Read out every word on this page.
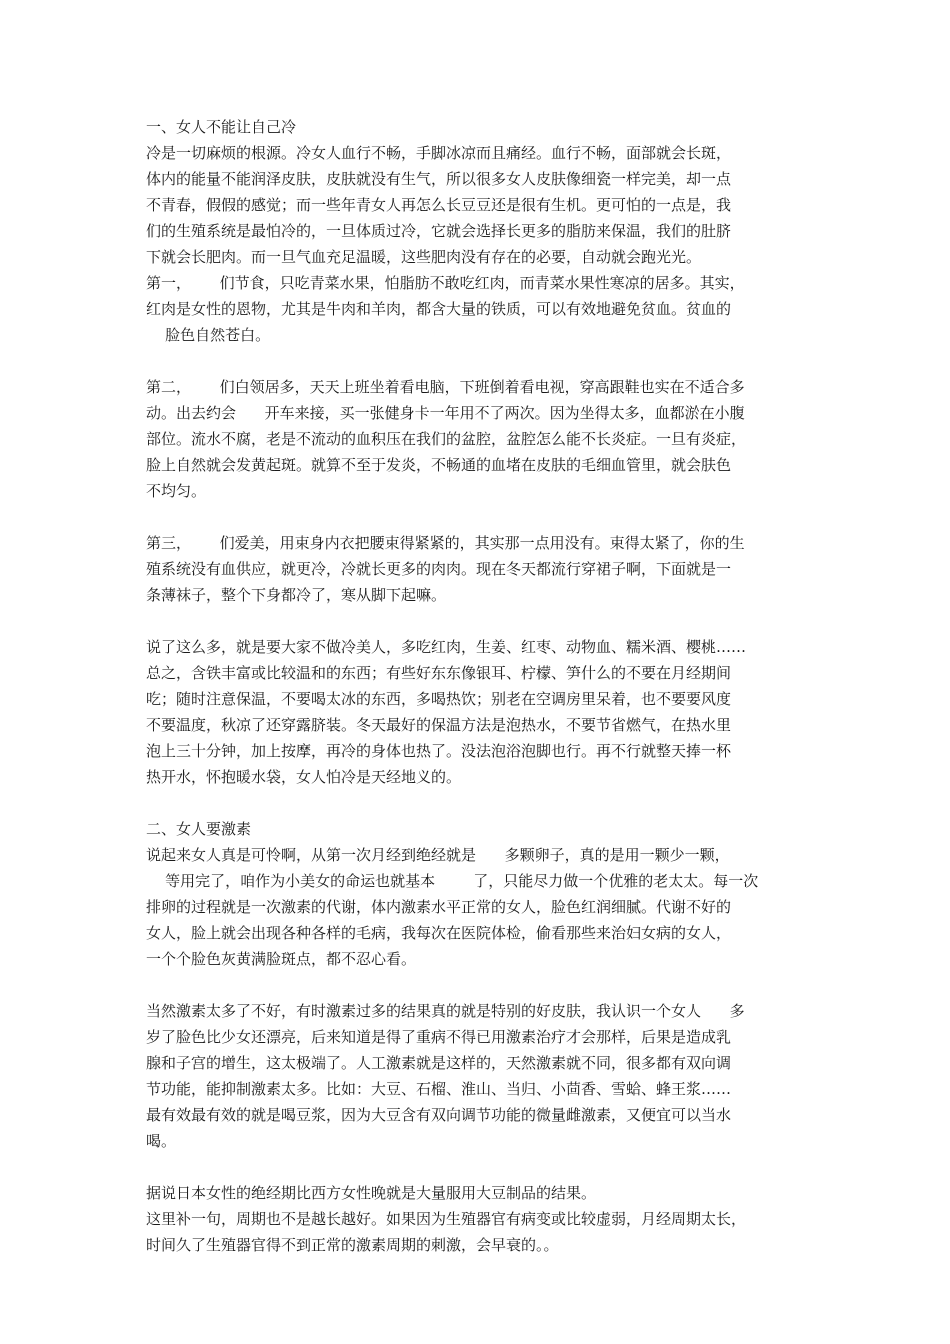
一、女人不能让自己冷
冷是一切麻烦的根源。冷女人血行不畅，手脚冰凉而且痛经。血行不畅，面部就会长斑，
体内的能量不能润泽皮肤，皮肤就没有生气，所以很多女人皮肤像细瓷一样完美，却一点
不青春，假假的感觉；而一些年青女人再怎么长豆豆还是很有生机。更可怕的一点是，我
们的生殖系统是最怕冷的，一旦体质过冷，它就会选择长更多的脂肪来保温，我们的肚脐
下就会长肥肉。而一旦气血充足温暖，这些肥肉没有存在的必要，自动就会跑光光。
第一，      们节食，只吃青菜水果，怕脂肪不敢吃红肉，而青菜水果性寒凉的居多。其实，
红肉是女性的恩物，尤其是牛肉和羊肉，都含大量的铁质，可以有效地避免贫血。贫血的
脸色自然苍白。
第二，      们白领居多，天天上班坐着看电脑，下班倒着看电视，穿高跟鞋也实在不适合多
动。出去约会      开车来接，买一张健身卡一年用不了两次。因为坐得太多，血都淤在小腹
部位。流水不腐，老是不流动的血积压在我们的盆腔，盆腔怎么能不长炎症。一旦有炎症，
脸上自然就会发黄起斑。就算不至于发炎，不畅通的血堵在皮肤的毛细血管里，就会肤色
不均匀。
第三，      们爱美，用束身内衣把腰束得紧紧的，其实那一点用没有。束得太紧了，你的生
殖系统没有血供应，就更冷，冷就长更多的肉肉。现在冬天都流行穿裙子啊，下面就是一
条薄袜子，整个下身都冷了，寒从脚下起嘛。
说了这么多，就是要大家不做冷美人，多吃红肉，生姜、红枣、动物血、糯米酒、樱桃……
总之，含铁丰富或比较温和的东西；有些好东东像银耳、柠檬、笋什么的不要在月经期间
吃；随时注意保温，不要喝太冰的东西，多喝热饮；别老在空调房里呆着，也不要要风度
不要温度，秋凉了还穿露脐装。冬天最好的保温方法是泡热水，不要节省燃气，在热水里
泡上三十分钟，加上按摩，再冷的身体也热了。没法泡浴泡脚也行。再不行就整天捧一杯
热开水，怀抱暖水袋，女人怕冷是天经地义的。
二、女人要激素
说起来女人真是可怜啊，从第一次月经到绝经就是      多颗卵子，真的是用一颗少一颗，
等用完了，咱作为小美女的命运也就基本        了，只能尽力做一个优雅的老太太。每一次
排卵的过程就是一次激素的代谢，体内激素水平正常的女人，脸色红润细腻。代谢不好的
女人，脸上就会出现各种各样的毛病，我每次在医院体检，偷看那些来治妇女病的女人，
一个个脸色灰黄满脸斑点，都不忍心看。
当然激素太多了不好，有时激素过多的结果真的就是特别的好皮肤，我认识一个女人      多
岁了脸色比少女还漂亮，后来知道是得了重病不得已用激素治疗才会那样，后果是造成乳
腺和子宫的增生，这太极端了。人工激素就是这样的，天然激素就不同，很多都有双向调
节功能，能抑制激素太多。比如：大豆、石榴、淮山、当归、小茴香、雪蛤、蜂王浆……
最有效最有效的就是喝豆浆，因为大豆含有双向调节功能的微量雌激素，又便宜可以当水
喝。
据说日本女性的绝经期比西方女性晚就是大量服用大豆制品的结果。
这里补一句，周期也不是越长越好。如果因为生殖器官有病变或比较虚弱，月经周期太长，
时间久了生殖器官得不到正常的激素周期的刺激，会早衰的。。
